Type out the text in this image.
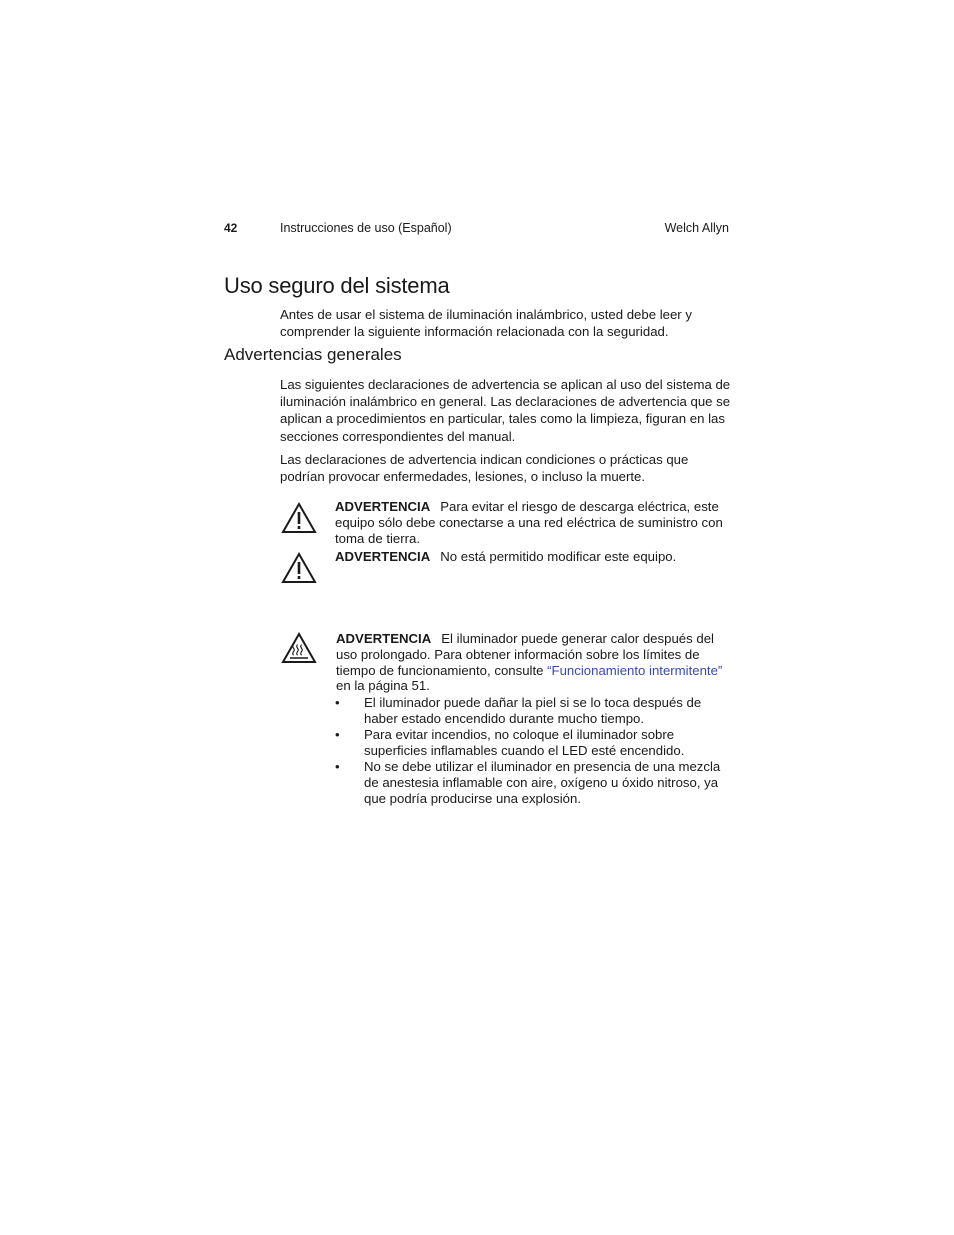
42	Instrucciones de uso (Español)	Welch Allyn
Uso seguro del sistema

Antes de usar el sistema de iluminación inalámbrico, usted debe leer y comprender la siguiente información relacionada con la seguridad.

Advertencias generales

Las siguientes declaraciones de advertencia se aplican al uso del sistema de iluminación inalámbrico en general. Las declaraciones de advertencia que se aplican a procedimientos en particular, tales como la limpieza, figuran en las secciones correspondientes del manual.

Las declaraciones de advertencia indican condiciones o prácticas que podrían provocar enfermedades, lesiones, o incluso la muerte.

ADVERTENCIA Para evitar el riesgo de descarga eléctrica, este equipo sólo debe conectarse a una red eléctrica de suministro con toma de tierra.

ADVERTENCIA No está permitido modificar este equipo.

ADVERTENCIA El iluminador puede generar calor después del uso prolongado. Para obtener información sobre los límites de tiempo de funcionamiento, consulte “Funcionamiento intermitente” en la página 51.

• El iluminador puede dañar la piel si se lo toca después de haber estado encendido durante mucho tiempo.
• Para evitar incendios, no coloque el iluminador sobre superficies inflamables cuando el LED esté encendido.
• No se debe utilizar el iluminador en presencia de una mezcla de anestesia inflamable con aire, oxígeno u óxido nitroso, ya que podría producirse una explosión.
